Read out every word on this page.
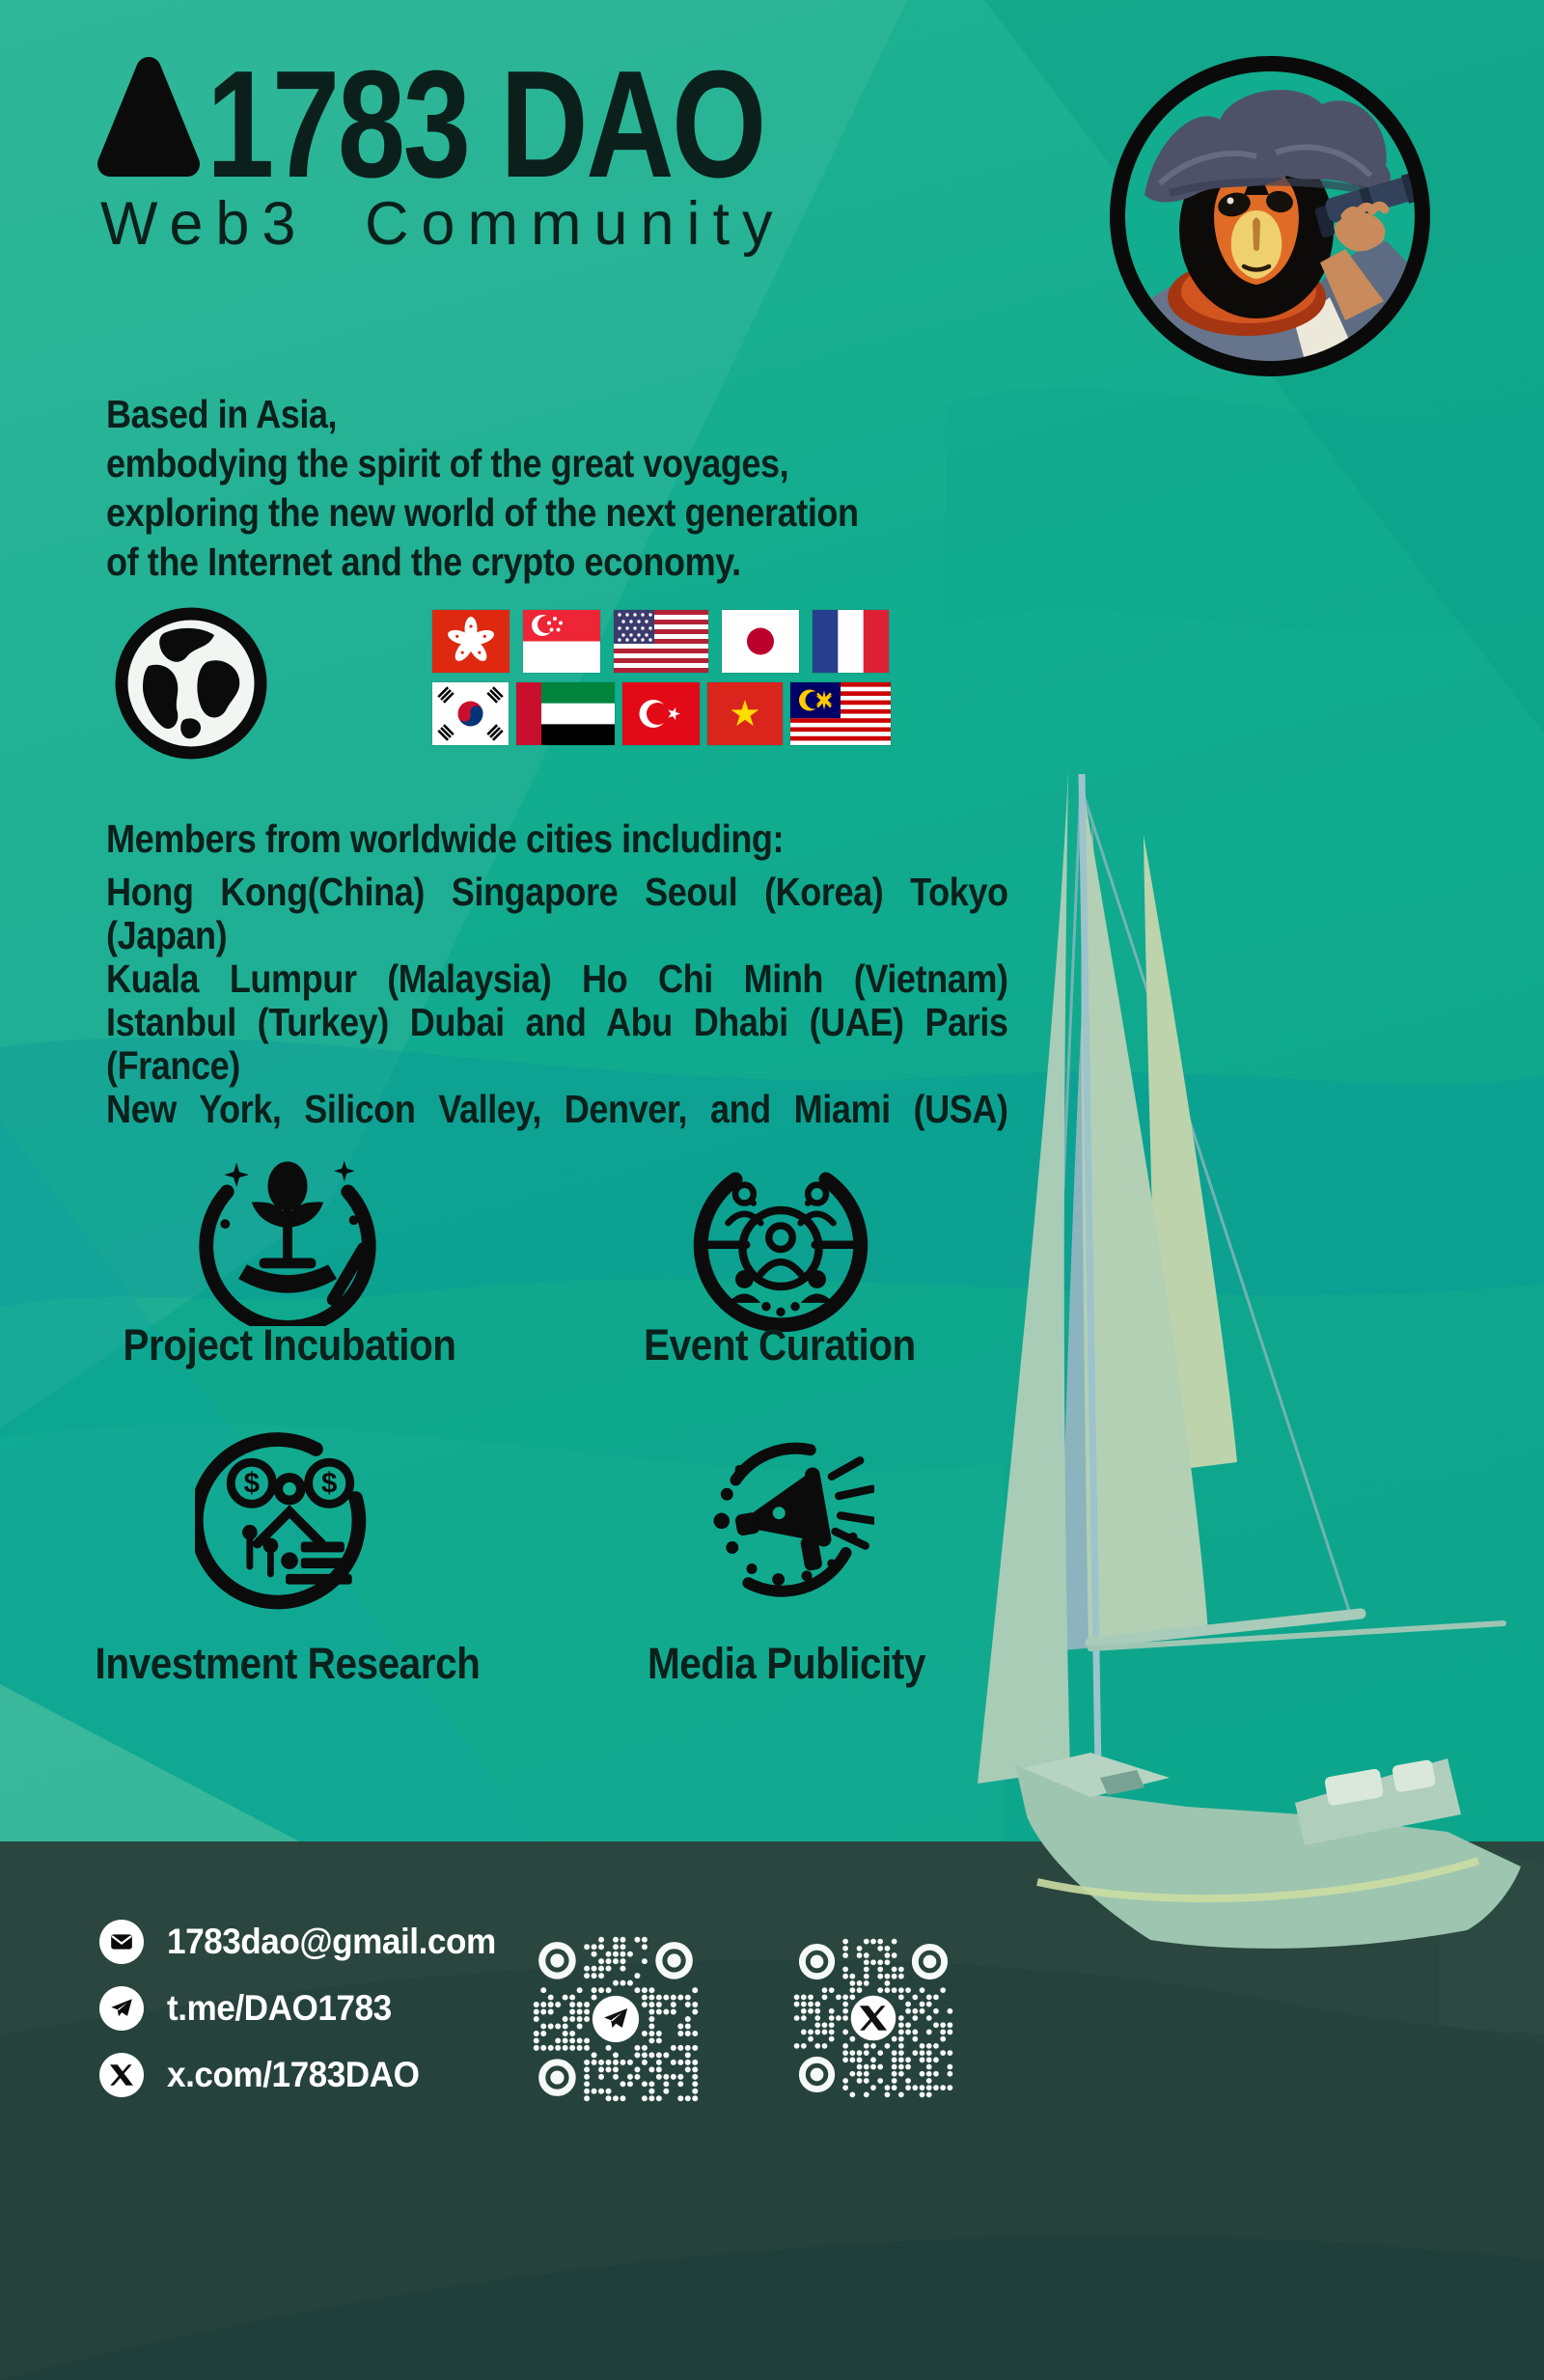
1783 DAO
Web3 Community
Based in Asia,
embodying the spirit of the great voyages,
exploring the new world of the next generation
of the Internet and the crypto economy.
Members from worldwide cities including:
Hong Kong(China) Singapore Seoul (Korea) Tokyo (Japan)
Kuala Lumpur (Malaysia) Ho Chi Minh (Vietnam)
Istanbul (Turkey) Dubai and Abu Dhabi (UAE) Paris (France)
New York, Silicon Valley, Denver, and Miami (USA)
Project Incubation	Event Curation
$ $
Investment Research	Media Publicity
1783dao@gmail.com
t.me/DAO1783
x.com/1783DAO
